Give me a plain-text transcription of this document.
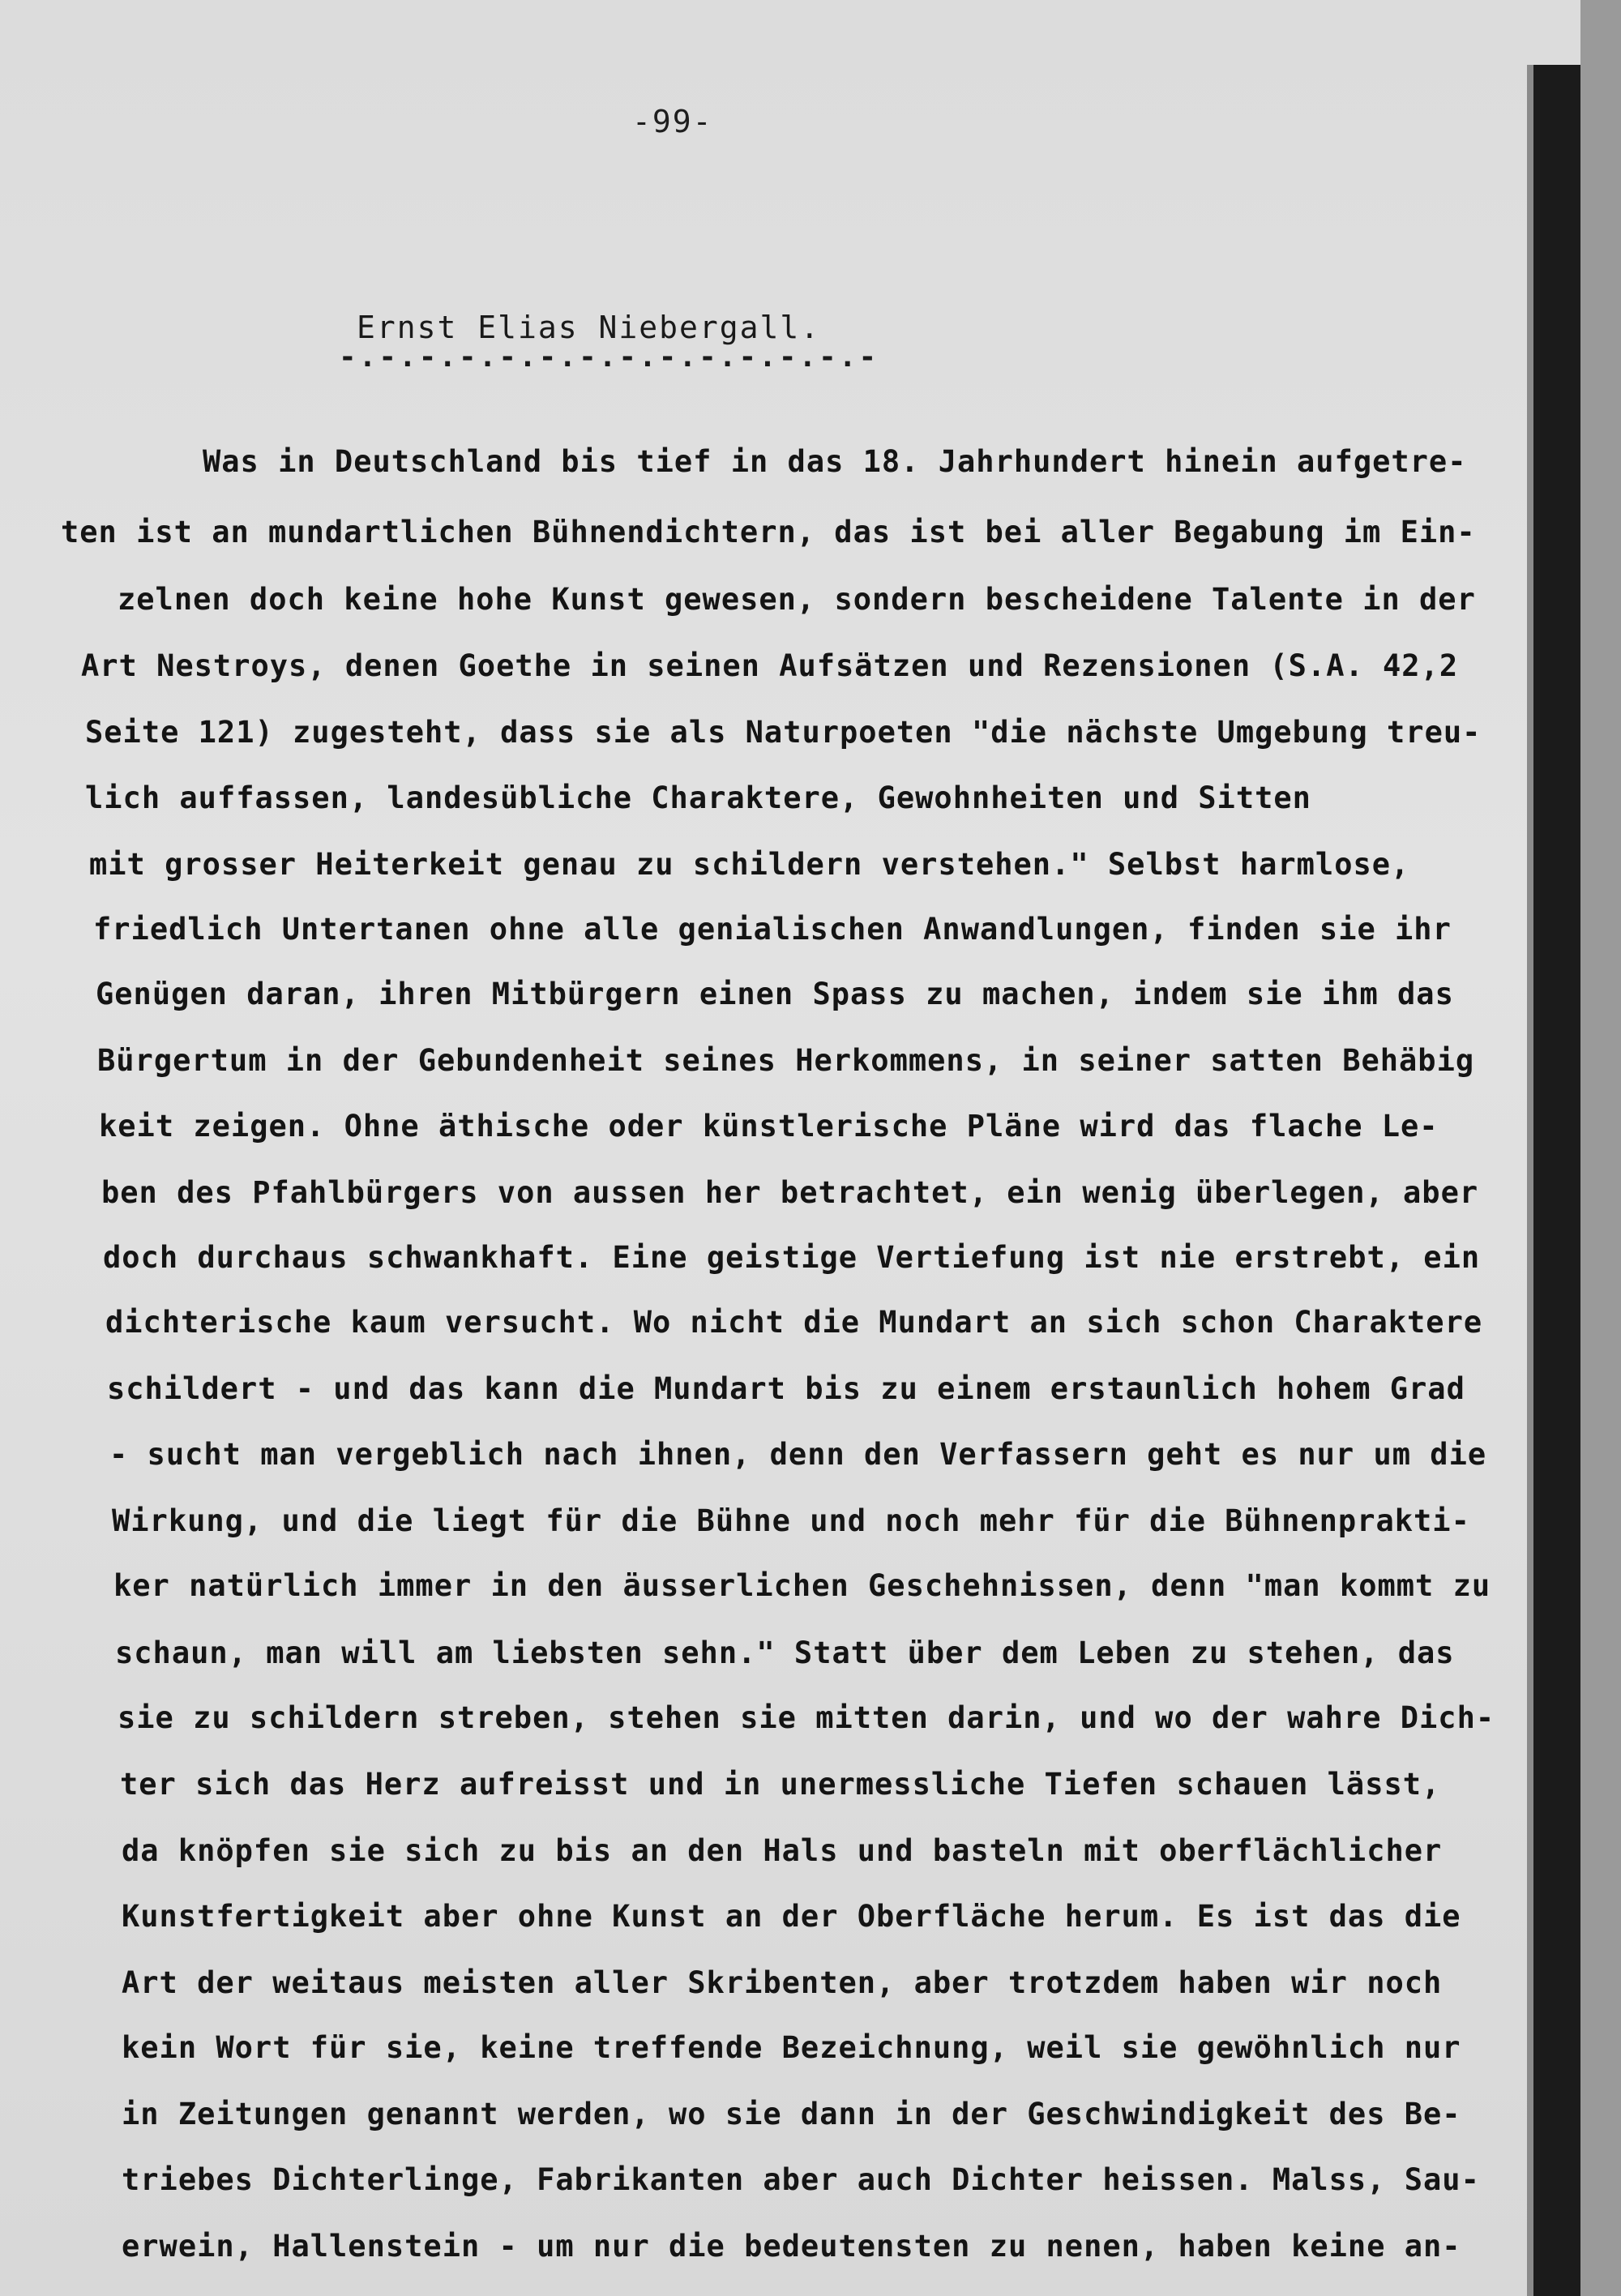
-99-
Ernst Elias Niebergall.
-.-.-.-.-.-.-.-.-.-.-.-.-.-
Was in Deutschland bis tief in das 18. Jahrhundert hinein aufgetre-
ten ist an mundartlichen Bühnendichtern, das ist bei aller Begabung im Ein-
zelnen doch keine hohe Kunst gewesen, sondern bescheidene Talente in der
Art Nestroys, denen Goethe in seinen Aufsätzen und Rezensionen (S.A. 42,2
Seite 121) zugesteht, dass sie als Naturpoeten "die nächste Umgebung treu-
lich auffassen, landesübliche Charaktere, Gewohnheiten und Sitten
mit grosser Heiterkeit genau zu schildern verstehen." Selbst harmlose,
friedlich Untertanen ohne alle genialischen Anwandlungen, finden sie ihr
Genügen daran, ihren Mitbürgern einen Spass zu machen, indem sie ihm das
Bürgertum in der Gebundenheit seines Herkommens, in seiner satten Behäbig
keit zeigen. Ohne äthische oder künstlerische Pläne wird das flache Le-
ben des Pfahlbürgers von aussen her betrachtet, ein wenig überlegen, aber
doch durchaus schwankhaft. Eine geistige Vertiefung ist nie erstrebt, ein
dichterische kaum versucht. Wo nicht die Mundart an sich schon Charaktere
schildert - und das kann die Mundart bis zu einem erstaunlich hohem Grad
- sucht man vergeblich nach ihnen, denn den Verfassern geht es nur um die
Wirkung, und die liegt für die Bühne und noch mehr für die Bühnenprakti-
ker natürlich immer in den äusserlichen Geschehnissen, denn "man kommt zu
schaun, man will am liebsten sehn." Statt über dem Leben zu stehen, das
sie zu schildern streben, stehen sie mitten darin, und wo der wahre Dich-
ter sich das Herz aufreisst und in unermessliche Tiefen schauen lässt,
da knöpfen sie sich zu bis an den Hals und basteln mit oberflächlicher
Kunstfertigkeit aber ohne Kunst an der Oberfläche herum. Es ist das die
Art der weitaus meisten aller Skribenten, aber trotzdem haben wir noch
kein Wort für sie, keine treffende Bezeichnung, weil sie gewöhnlich nur
in Zeitungen genannt werden, wo sie dann in der Geschwindigkeit des Be-
triebes Dichterlinge, Fabrikanten aber auch Dichter heissen. Malss, Sau-
erwein, Hallenstein - um nur die bedeutensten zu nenen, haben keine an-
